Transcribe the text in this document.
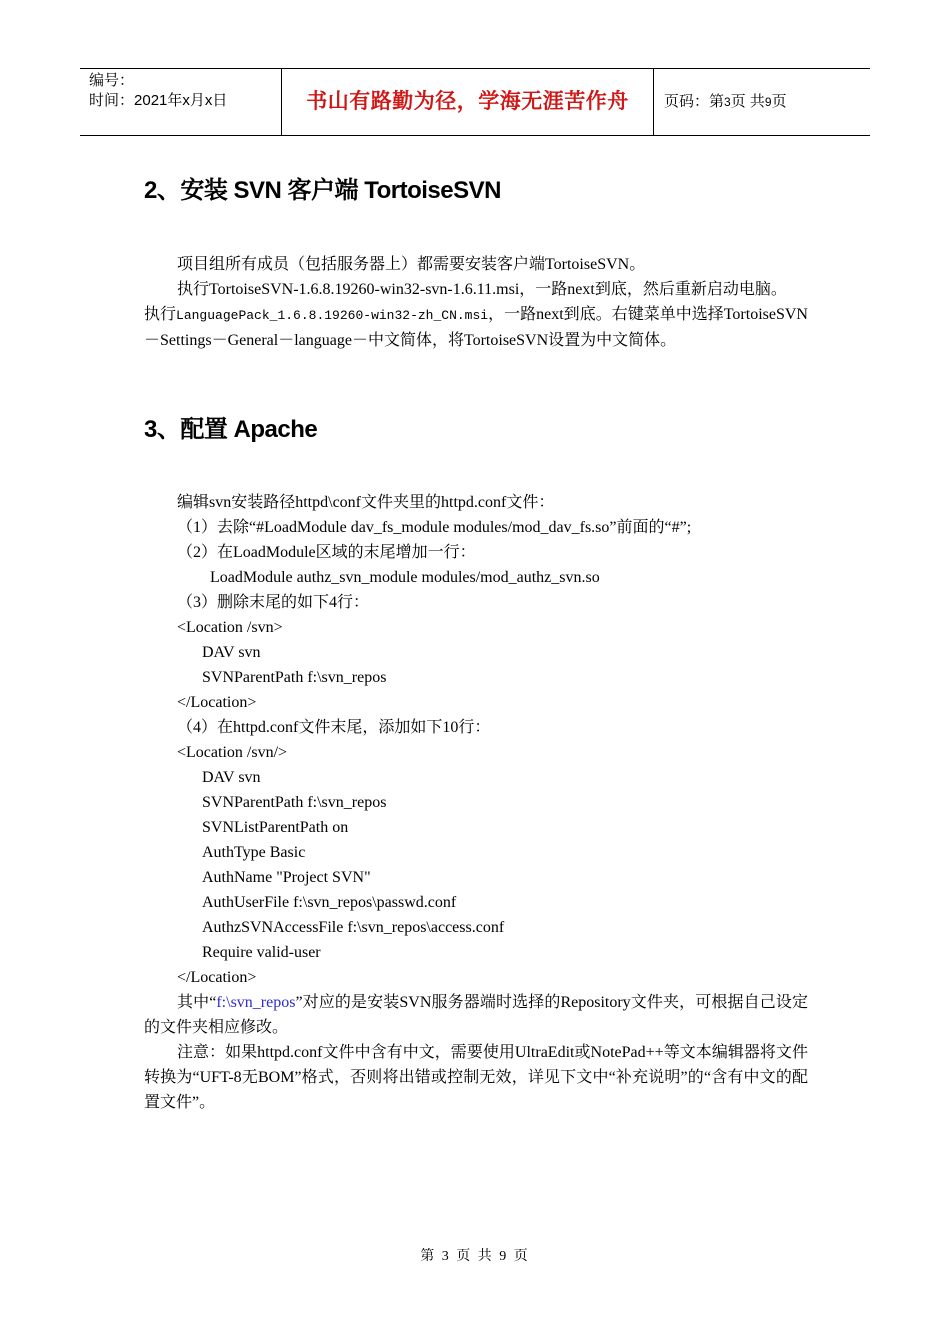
编号：
时间：2021年x月x日	书山有路勤为径，学海无涯苦作舟	页码：第3页 共9页
2、安装 SVN 客户端 TortoiseSVN

项目组所有成员（包括服务器上）都需要安装客户端TortoiseSVN。

执行TortoiseSVN-1.6.8.19260-win32-svn-1.6.11.msi，一路next到底，然后重新启动电脑。

执行LanguagePack_1.6.8.19260-win32-zh_CN.msi，一路next到底。右键菜单中选择TortoiseSVN－Settings－General－language－中文简体，将TortoiseSVN设置为中文简体。

3、配置 Apache

编辑svn安装路径httpd\conf文件夹里的httpd.conf文件：

（1）去除“#LoadModule dav_fs_module modules/mod_dav_fs.so”前面的“#”;

（2）在LoadModule区域的末尾增加一行：

LoadModule authz_svn_module modules/mod_authz_svn.so

（3）删除末尾的如下4行：

<Location /svn>

DAV svn

SVNParentPath f:\svn_repos

</Location>

（4）在httpd.conf文件末尾，添加如下10行：

<Location /svn/>

DAV svn

SVNParentPath f:\svn_repos

SVNListParentPath on

AuthType Basic

AuthName "Project SVN"

AuthUserFile f:\svn_repos\passwd.conf

AuthzSVNAccessFile f:\svn_repos\access.conf

Require valid-user

</Location>

其中“f:\svn_repos”对应的是安装SVN服务器端时选择的Repository文件夹，可根据自己设定的文件夹相应修改。

注意：如果httpd.conf文件中含有中文，需要使用UltraEdit或NotePad++等文本编辑器将文件转换为“UFT-8无BOM”格式，否则将出错或控制无效，详见下文中“补充说明”的“含有中文的配置文件”。

第 3 页 共 9 页
